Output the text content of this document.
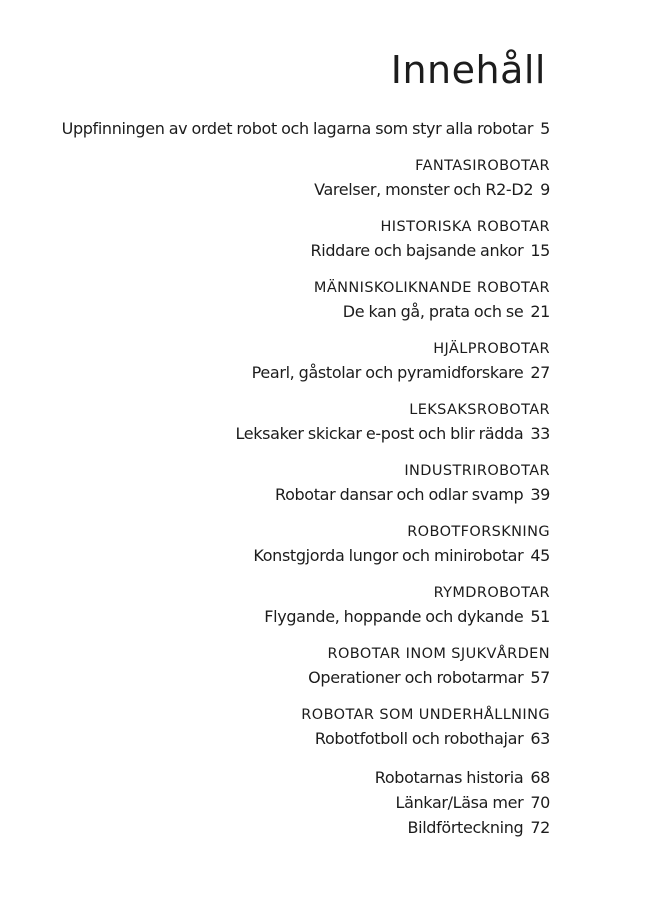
Innehåll
Uppfinningen av ordet robot och lagarna som styr alla robotar 5
FANTASIROBOTAR
Varelser, monster och R2-D2 9
HISTORISKA ROBOTAR
Riddare och bajsande ankor 15
MÄNNISKOLIKNANDE ROBOTAR
De kan gå, prata och se 21
HJÄLPROBOTAR
Pearl, gåstolar och pyramidforskare 27
LEKSAKSROBOTAR
Leksaker skickar e-post och blir rädda 33
INDUSTRIROBOTAR
Robotar dansar och odlar svamp 39
ROBOTFORSKNING
Konstgjorda lungor och minirobotar 45
RYMDROBOTAR
Flygande, hoppande och dykande 51
ROBOTAR INOM SJUKVÅRDEN
Operationer och robotarmar 57
ROBOTAR SOM UNDERHÅLLNING
Robotfotboll och robothajar 63
Robotarnas historia 68
Länkar/Läsa mer 70
Bildförteckning 72
